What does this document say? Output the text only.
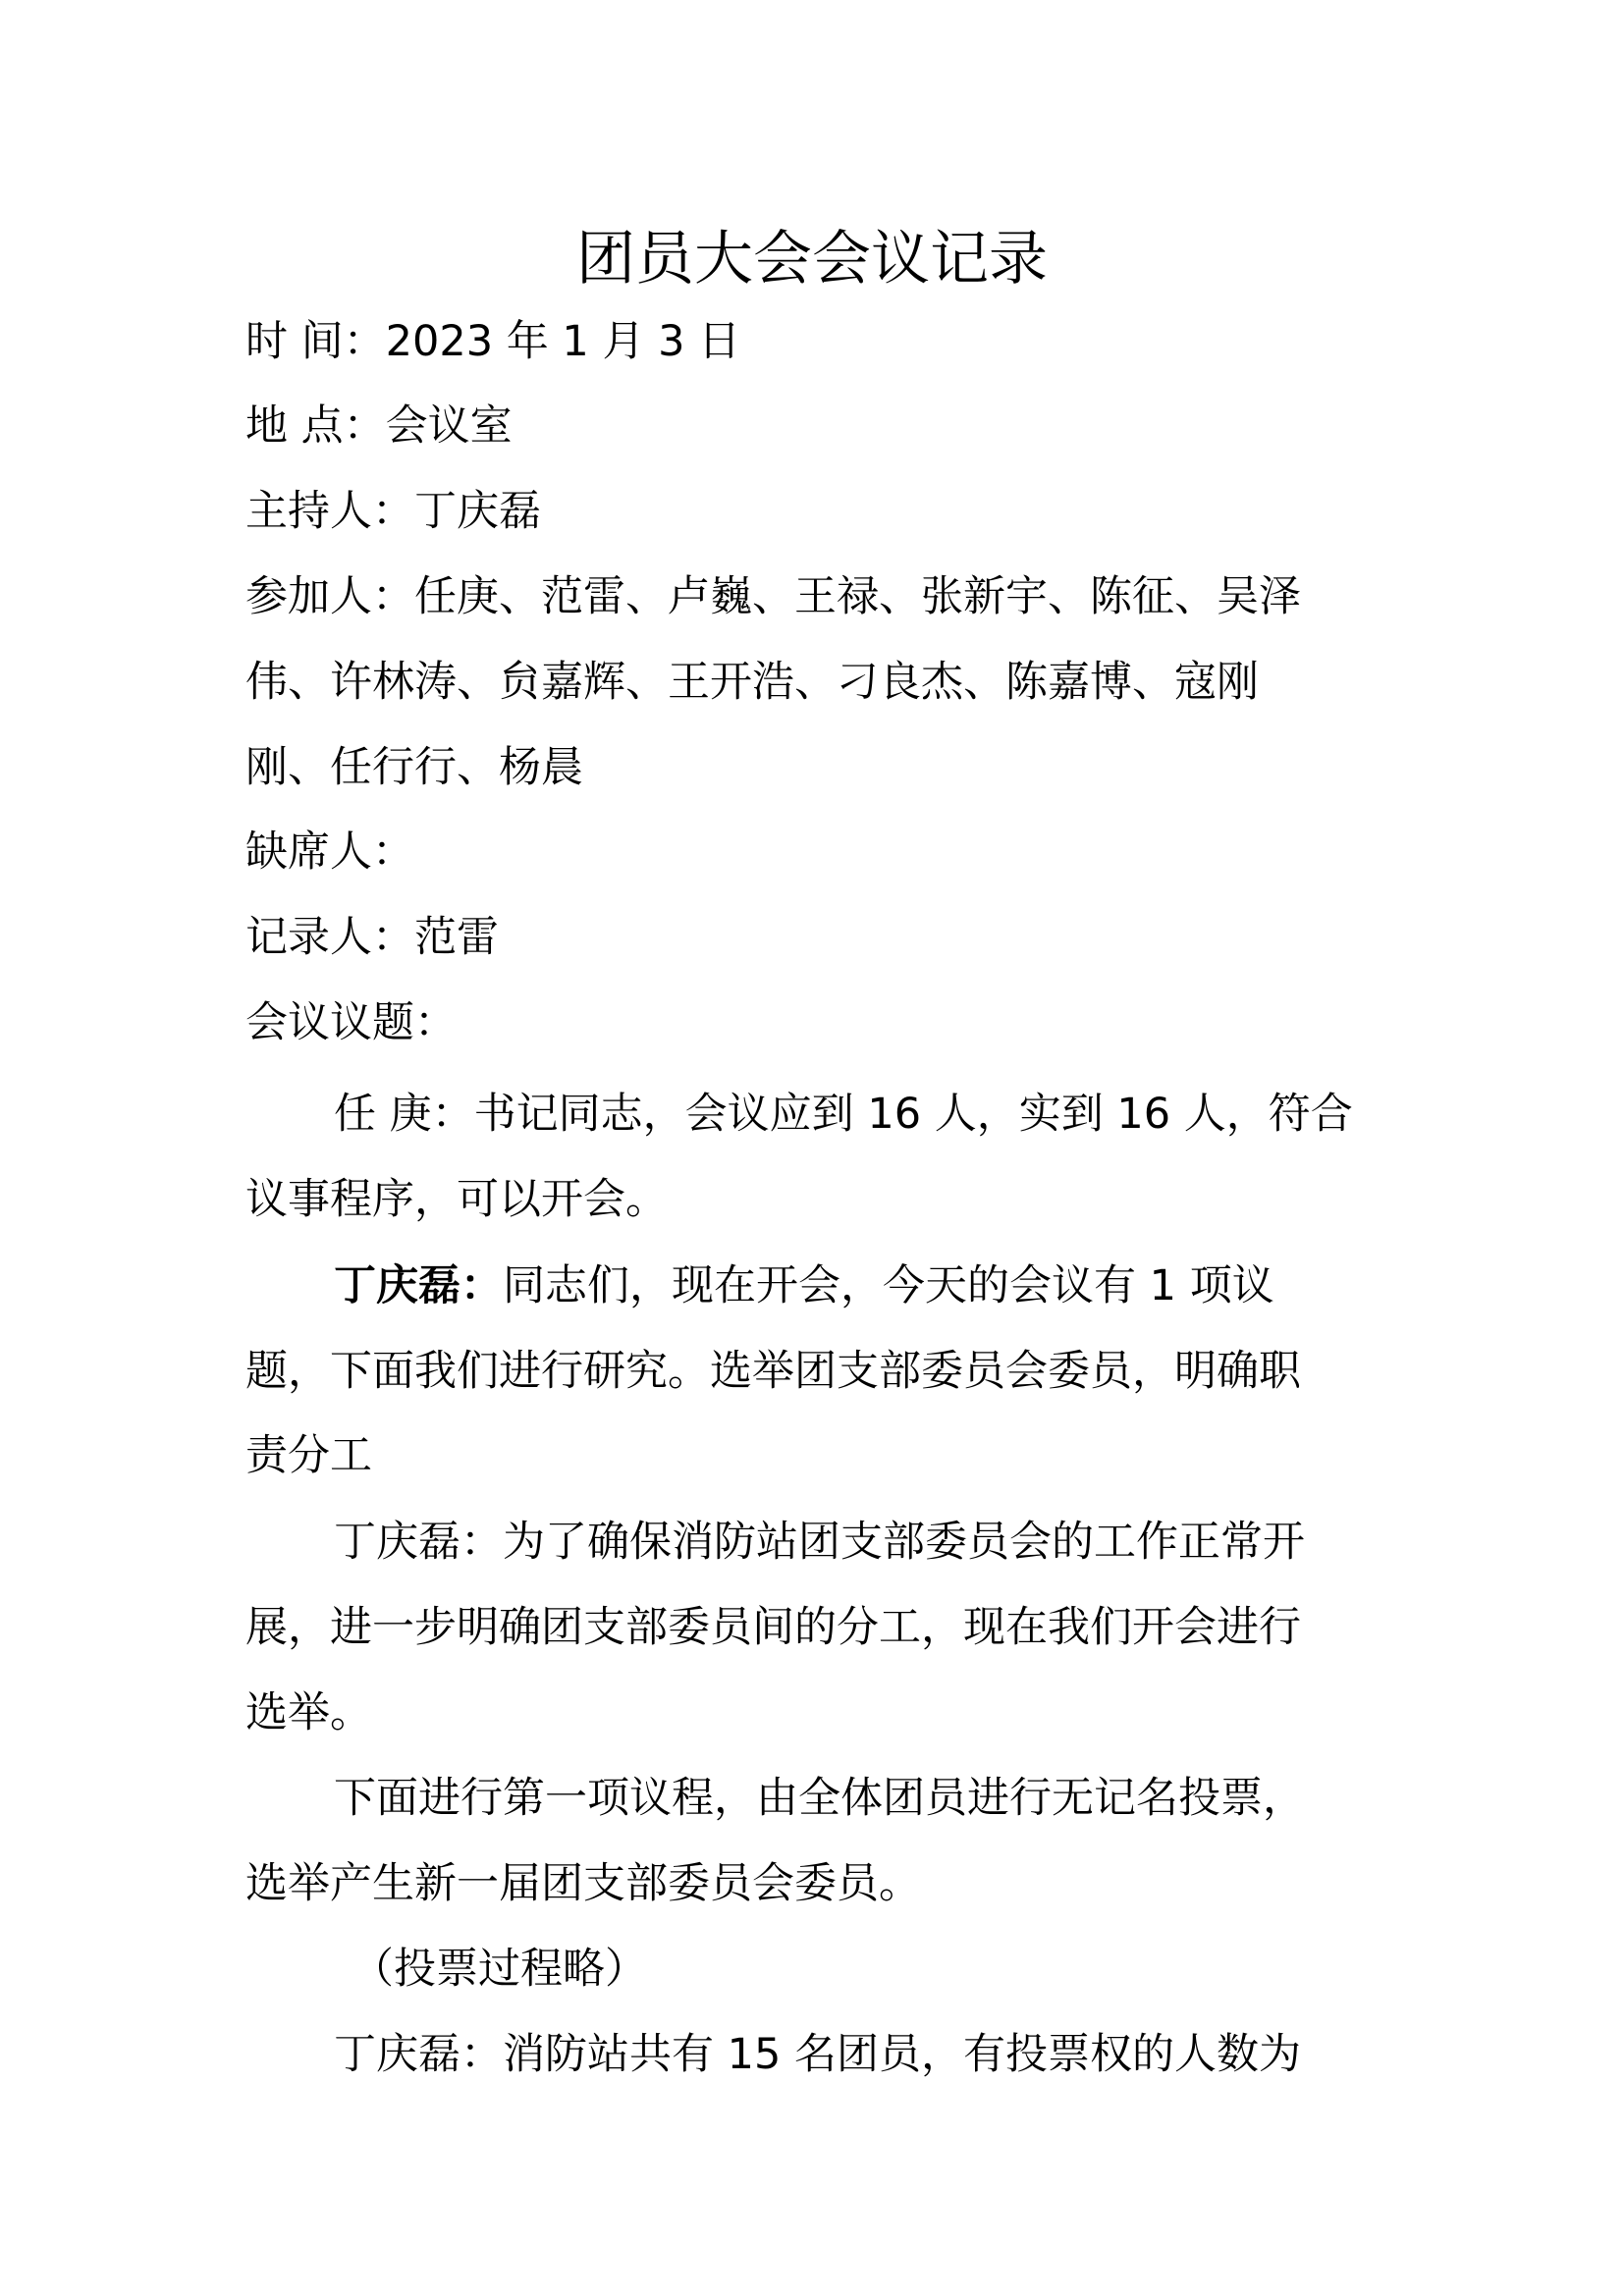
团员大会会议记录
时 间：2023 年 1 月 3 日
地 点：会议室
主持人：丁庆磊
参加人：任庚、范雷、卢巍、王禄、张新宇、陈征、吴泽
伟、许林涛、贠嘉辉、王开浩、刁良杰、陈嘉博、寇刚
刚、任行行、杨晨
缺席人：
记录人：范雷
会议议题：
任 庚：书记同志，会议应到 16 人，实到 16 人，符合
议事程序，可以开会。
丁庆磊：同志们，现在开会，今天的会议有 1 项议
题，下面我们进行研究。选举团支部委员会委员，明确职
责分工
丁庆磊：为了确保消防站团支部委员会的工作正常开
展，进一步明确团支部委员间的分工，现在我们开会进行
选举。
下面进行第一项议程，由全体团员进行无记名投票，
选举产生新一届团支部委员会委员。
（投票过程略）
丁庆磊：消防站共有 15 名团员，有投票权的人数为
